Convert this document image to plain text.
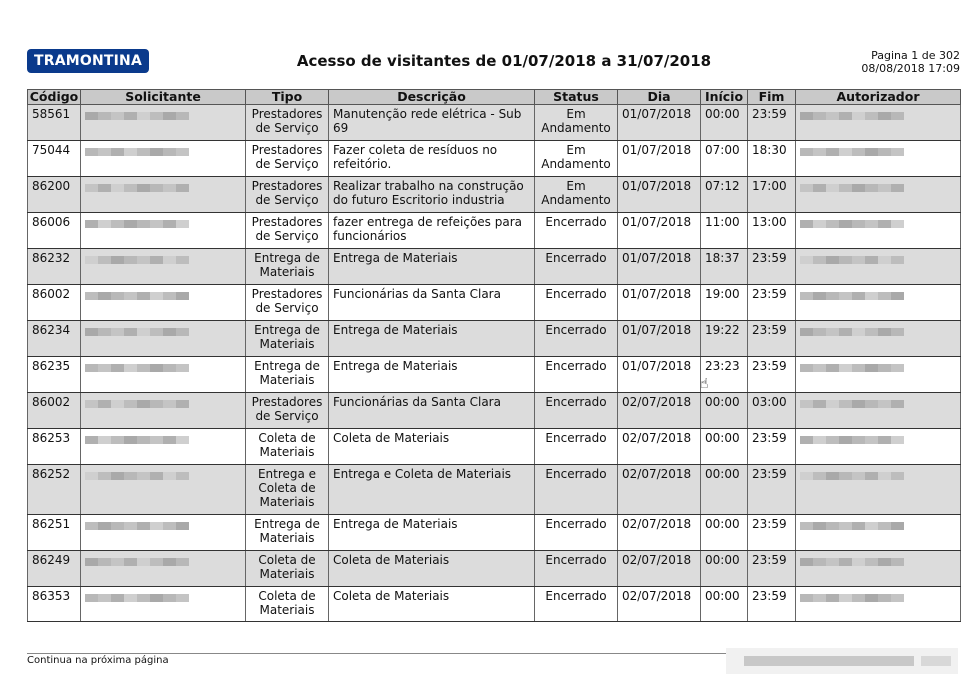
TRAMONTINA	Acesso de visitantes de 01/07/2018 a 31/07/2018	Pagina 1 de 302
08/08/2018 17:09
Código	Solicitante	Tipo	Descrição	Status	Dia	Início	Fim	Autorizador
58561		Prestadores de Serviço	Manutenção rede elétrica - Sub 69	Em Andamento	01/07/2018	00:00	23:59	

75044		Prestadores de Serviço	Fazer coleta de resíduos no refeitório.	Em Andamento	01/07/2018	07:00	18:30	

86200		Prestadores de Serviço	Realizar trabalho na construção do futuro Escritorio industria	Em Andamento	01/07/2018	07:12	17:00	

86006		Prestadores de Serviço	fazer entrega de refeições para funcionários	Encerrado	01/07/2018	11:00	13:00	

86232		Entrega de Materiais	Entrega de Materiais	Encerrado	01/07/2018	18:37	23:59	

86002		Prestadores de Serviço	Funcionárias da Santa Clara	Encerrado	01/07/2018	19:00	23:59	

86234		Entrega de Materiais	Entrega de Materiais	Encerrado	01/07/2018	19:22	23:59	

86235		Entrega de Materiais	Entrega de Materiais	Encerrado	01/07/2018	23:23	23:59	

86002		Prestadores de Serviço	Funcionárias da Santa Clara	Encerrado	02/07/2018	00:00	03:00	

86253		Coleta de Materiais	Coleta de Materiais	Encerrado	02/07/2018	00:00	23:59	

86252		Entrega e Coleta de Materiais	Entrega e Coleta de Materiais	Encerrado	02/07/2018	00:00	23:59	

86251		Entrega de Materiais	Entrega de Materiais	Encerrado	02/07/2018	00:00	23:59	

86249		Coleta de Materiais	Coleta de Materiais	Encerrado	02/07/2018	00:00	23:59	

86353		Coleta de Materiais	Coleta de Materiais	Encerrado	02/07/2018	00:00	23:59	
☝
Continua na próxima página
